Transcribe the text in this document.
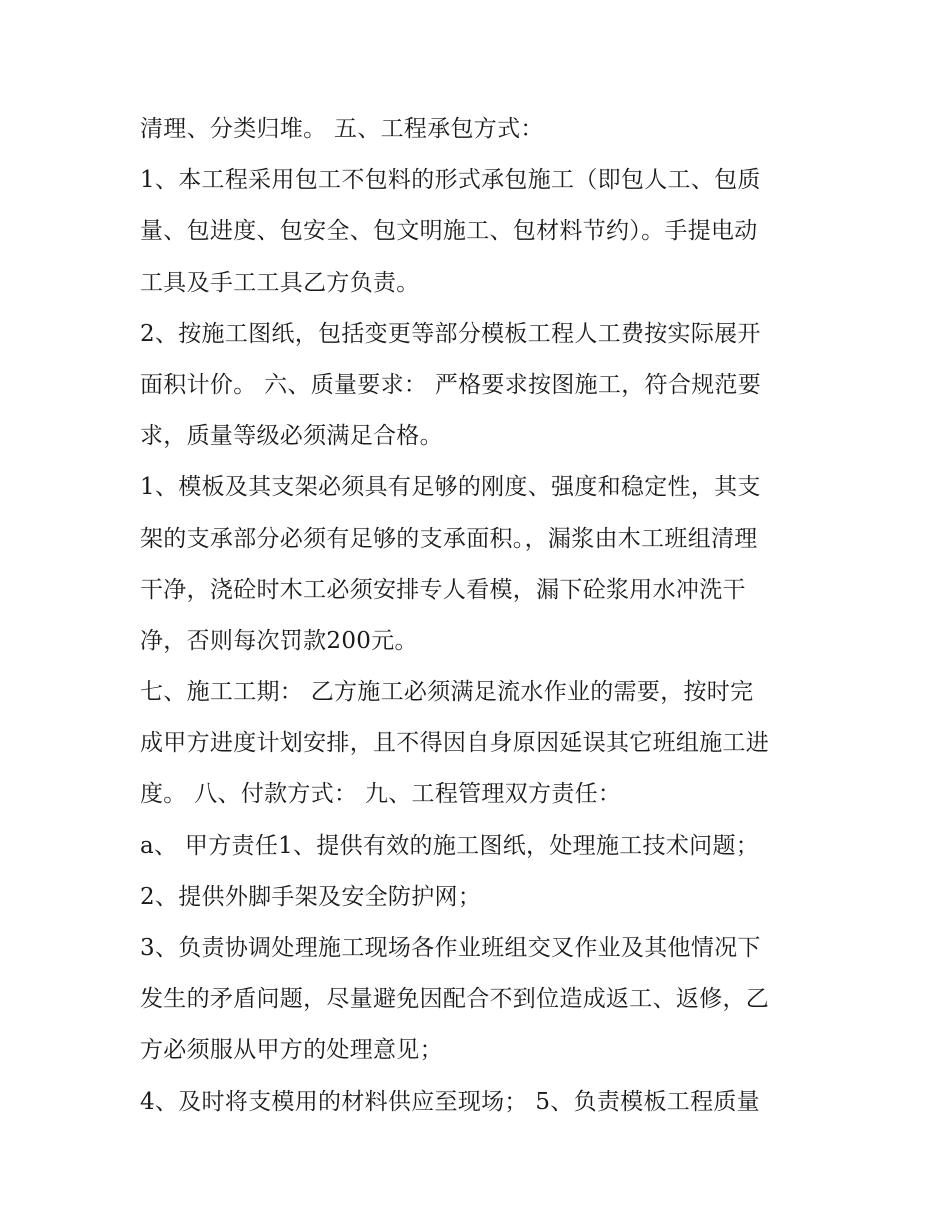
清理、分类归堆。 五、工程承包方式：
1、本工程采用包工不包料的形式承包施工（即包人工、包质
量、包进度、包安全、包文明施工、包材料节约）。手提电动
工具及手工工具乙方负责。
2、按施工图纸，包括变更等部分模板工程人工费按实际展开
面积计价。 六、质量要求： 严格要求按图施工，符合规范要
求，质量等级必须满足合格。
1、模板及其支架必须具有足够的刚度、强度和稳定性，其支
架的支承部分必须有足够的支承面积。，漏浆由木工班组清理
干净，浇砼时木工必须安排专人看模，漏下砼浆用水冲洗干
净，否则每次罚款200元。
七、施工工期： 乙方施工必须满足流水作业的需要，按时完
成甲方进度计划安排，且不得因自身原因延误其它班组施工进
度。 八、付款方式： 九、工程管理双方责任：
a、 甲方责任1、提供有效的施工图纸，处理施工技术问题；
2、提供外脚手架及安全防护网；
3、负责协调处理施工现场各作业班组交叉作业及其他情况下
发生的矛盾问题，尽量避免因配合不到位造成返工、返修，乙
方必须服从甲方的处理意见；
4、及时将支模用的材料供应至现场； 5、负责模板工程质量
